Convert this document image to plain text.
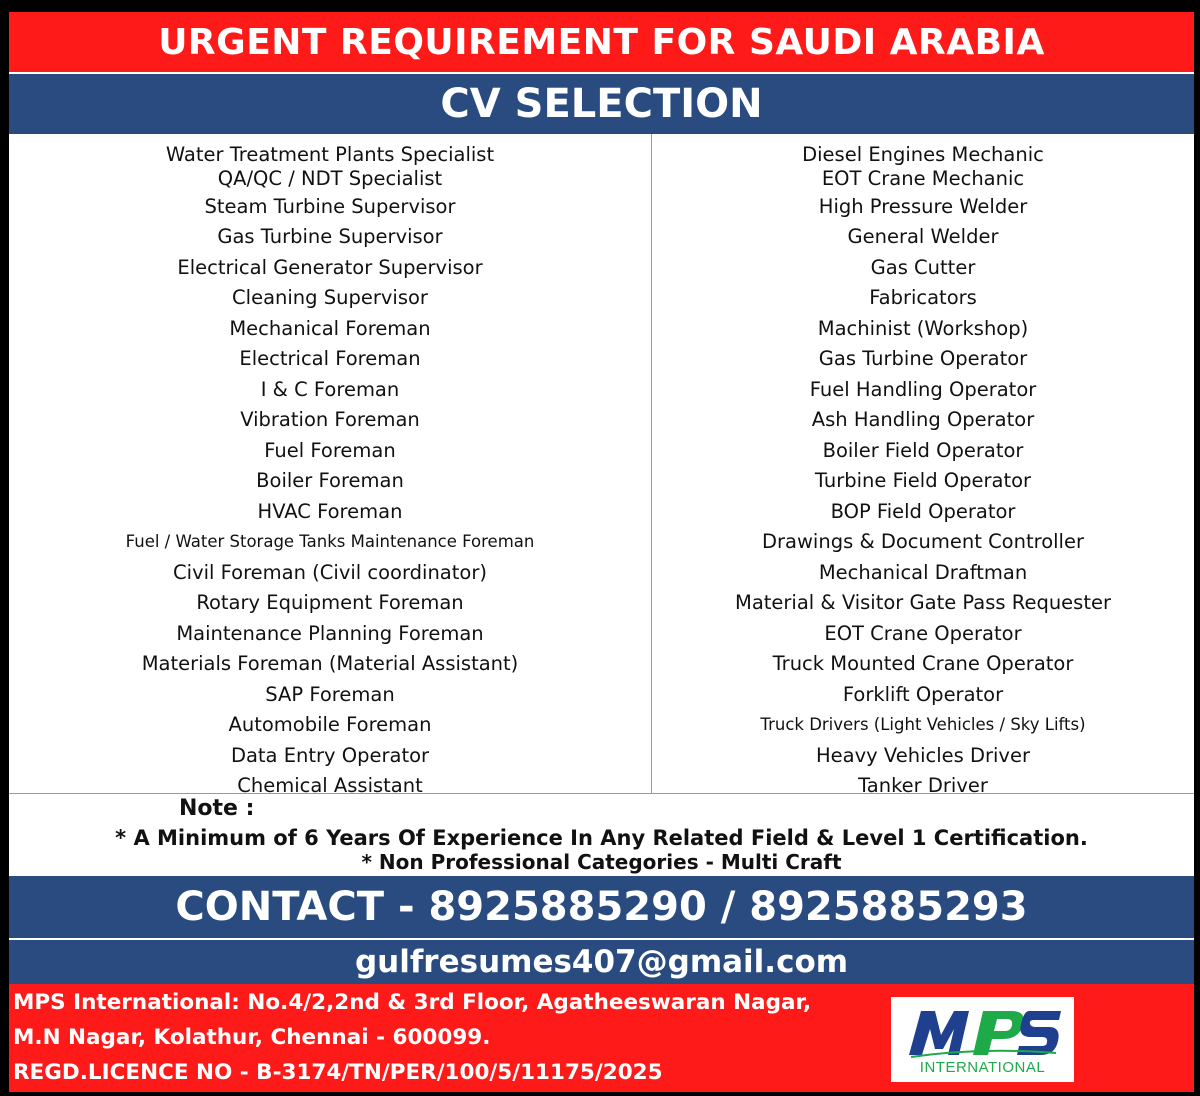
URGENT REQUIREMENT FOR SAUDI ARABIA
CV SELECTION
Water Treatment Plants Specialist
QA/QC / NDT Specialist
Steam Turbine Supervisor
Gas Turbine Supervisor
Electrical Generator Supervisor
Cleaning Supervisor
Mechanical Foreman
Electrical Foreman
I & C Foreman
Vibration Foreman
Fuel Foreman
Boiler Foreman
HVAC Foreman
Fuel / Water Storage Tanks Maintenance Foreman
Civil Foreman (Civil coordinator)
Rotary Equipment Foreman
Maintenance Planning Foreman
Materials Foreman (Material Assistant)
SAP Foreman
Automobile Foreman
Data Entry Operator
Chemical Assistant
Diesel Engines Mechanic
EOT Crane Mechanic
High Pressure Welder
General Welder
Gas Cutter
Fabricators
Machinist (Workshop)
Gas Turbine Operator
Fuel Handling Operator
Ash Handling Operator
Boiler Field Operator
Turbine Field Operator
BOP Field Operator
Drawings & Document Controller
Mechanical Draftman
Material & Visitor Gate Pass Requester
EOT Crane Operator
Truck Mounted Crane Operator
Forklift Operator
Truck Drivers (Light Vehicles / Sky Lifts)
Heavy Vehicles Driver
Tanker Driver
Note :
* A Minimum of 6 Years Of Experience In Any Related Field & Level 1 Certification.
* Non Professional Categories - Multi Craft
CONTACT - 8925885290 / 8925885293
gulfresumes407@gmail.com
MPS International: No.4/2,2nd & 3rd Floor, Agatheeswaran Nagar,
M.N Nagar, Kolathur, Chennai - 600099.
REGD.LICENCE NO - B-3174/TN/PER/100/5/11175/2025	INTERNATIONAL
